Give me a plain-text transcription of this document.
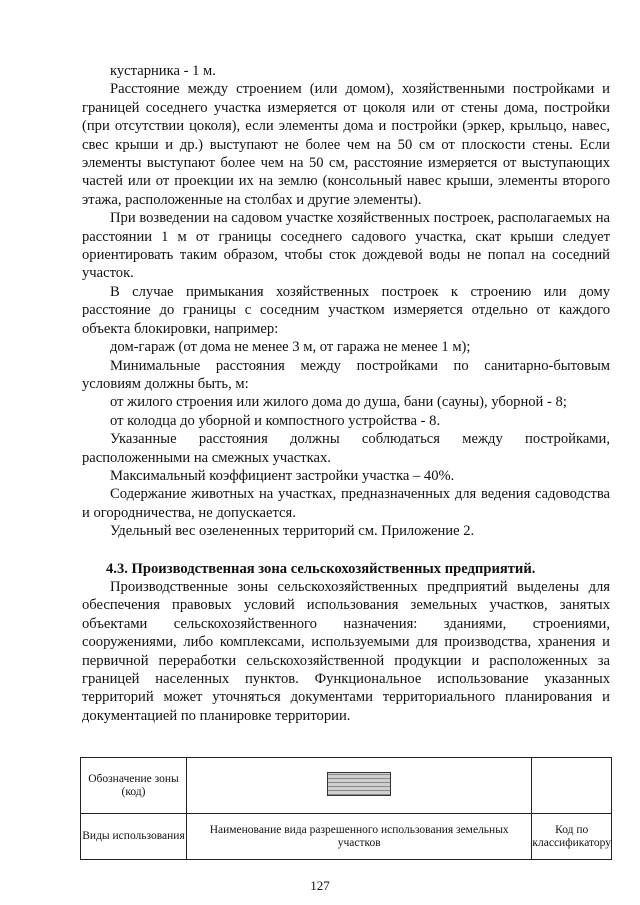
кустарника - 1 м.

Расстояние между строением (или домом), хозяйственными постройками и границей соседнего участка измеряется от цоколя или от стены дома, постройки (при отсутствии цоколя), если элементы дома и постройки (эркер, крыльцо, навес, свес крыши и др.) выступают не более чем на 50 см от плоскости стены. Если элементы выступают более чем на 50 см, расстояние измеряется от выступающих частей или от проекции их на землю (консольный навес крыши, элементы второго этажа, расположенные на столбах и другие элементы).

При возведении на садовом участке хозяйственных построек, располагаемых на расстоянии 1 м от границы соседнего садового участка, скат крыши следует ориентировать таким образом, чтобы сток дождевой воды не попал на соседний участок.

В случае примыкания хозяйственных построек к строению или дому расстояние до границы с соседним участком измеряется отдельно от каждого объекта блокировки, например:

дом-гараж (от дома не менее 3 м, от гаража не менее 1 м);

Минимальные расстояния между постройками по санитарно-бытовым условиям должны быть, м:

от жилого строения или жилого дома до душа, бани (сауны), уборной - 8;

от колодца до уборной и компостного устройства - 8.

Указанные расстояния должны соблюдаться между постройками, расположенными на смежных участках.

Максимальный коэффициент застройки участка – 40%.

Содержание животных на участках, предназначенных для ведения садоводства и огородничества, не допускается.

Удельный вес озелененных территорий см. Приложение 2.

4.3. Производственная зона сельскохозяйственных предприятий.

Производственные зоны сельскохозяйственных предприятий выделены для обеспечения правовых условий использования земельных участков, занятых объектами сельскохозяйственного назначения: зданиями, строениями, сооружениями, либо комплексами, используемыми для производства, хранения и первичной переработки сельскохозяйственной продукции и расположенных за границей населенных пунктов. Функциональное использование указанных территорий может уточняться документами территориального планирования и документацией по планировке территории.

Обозначение зоны (код)		
Виды использования	Наименование вида разрешенного использования земельных участков	Код по классификатору
127
